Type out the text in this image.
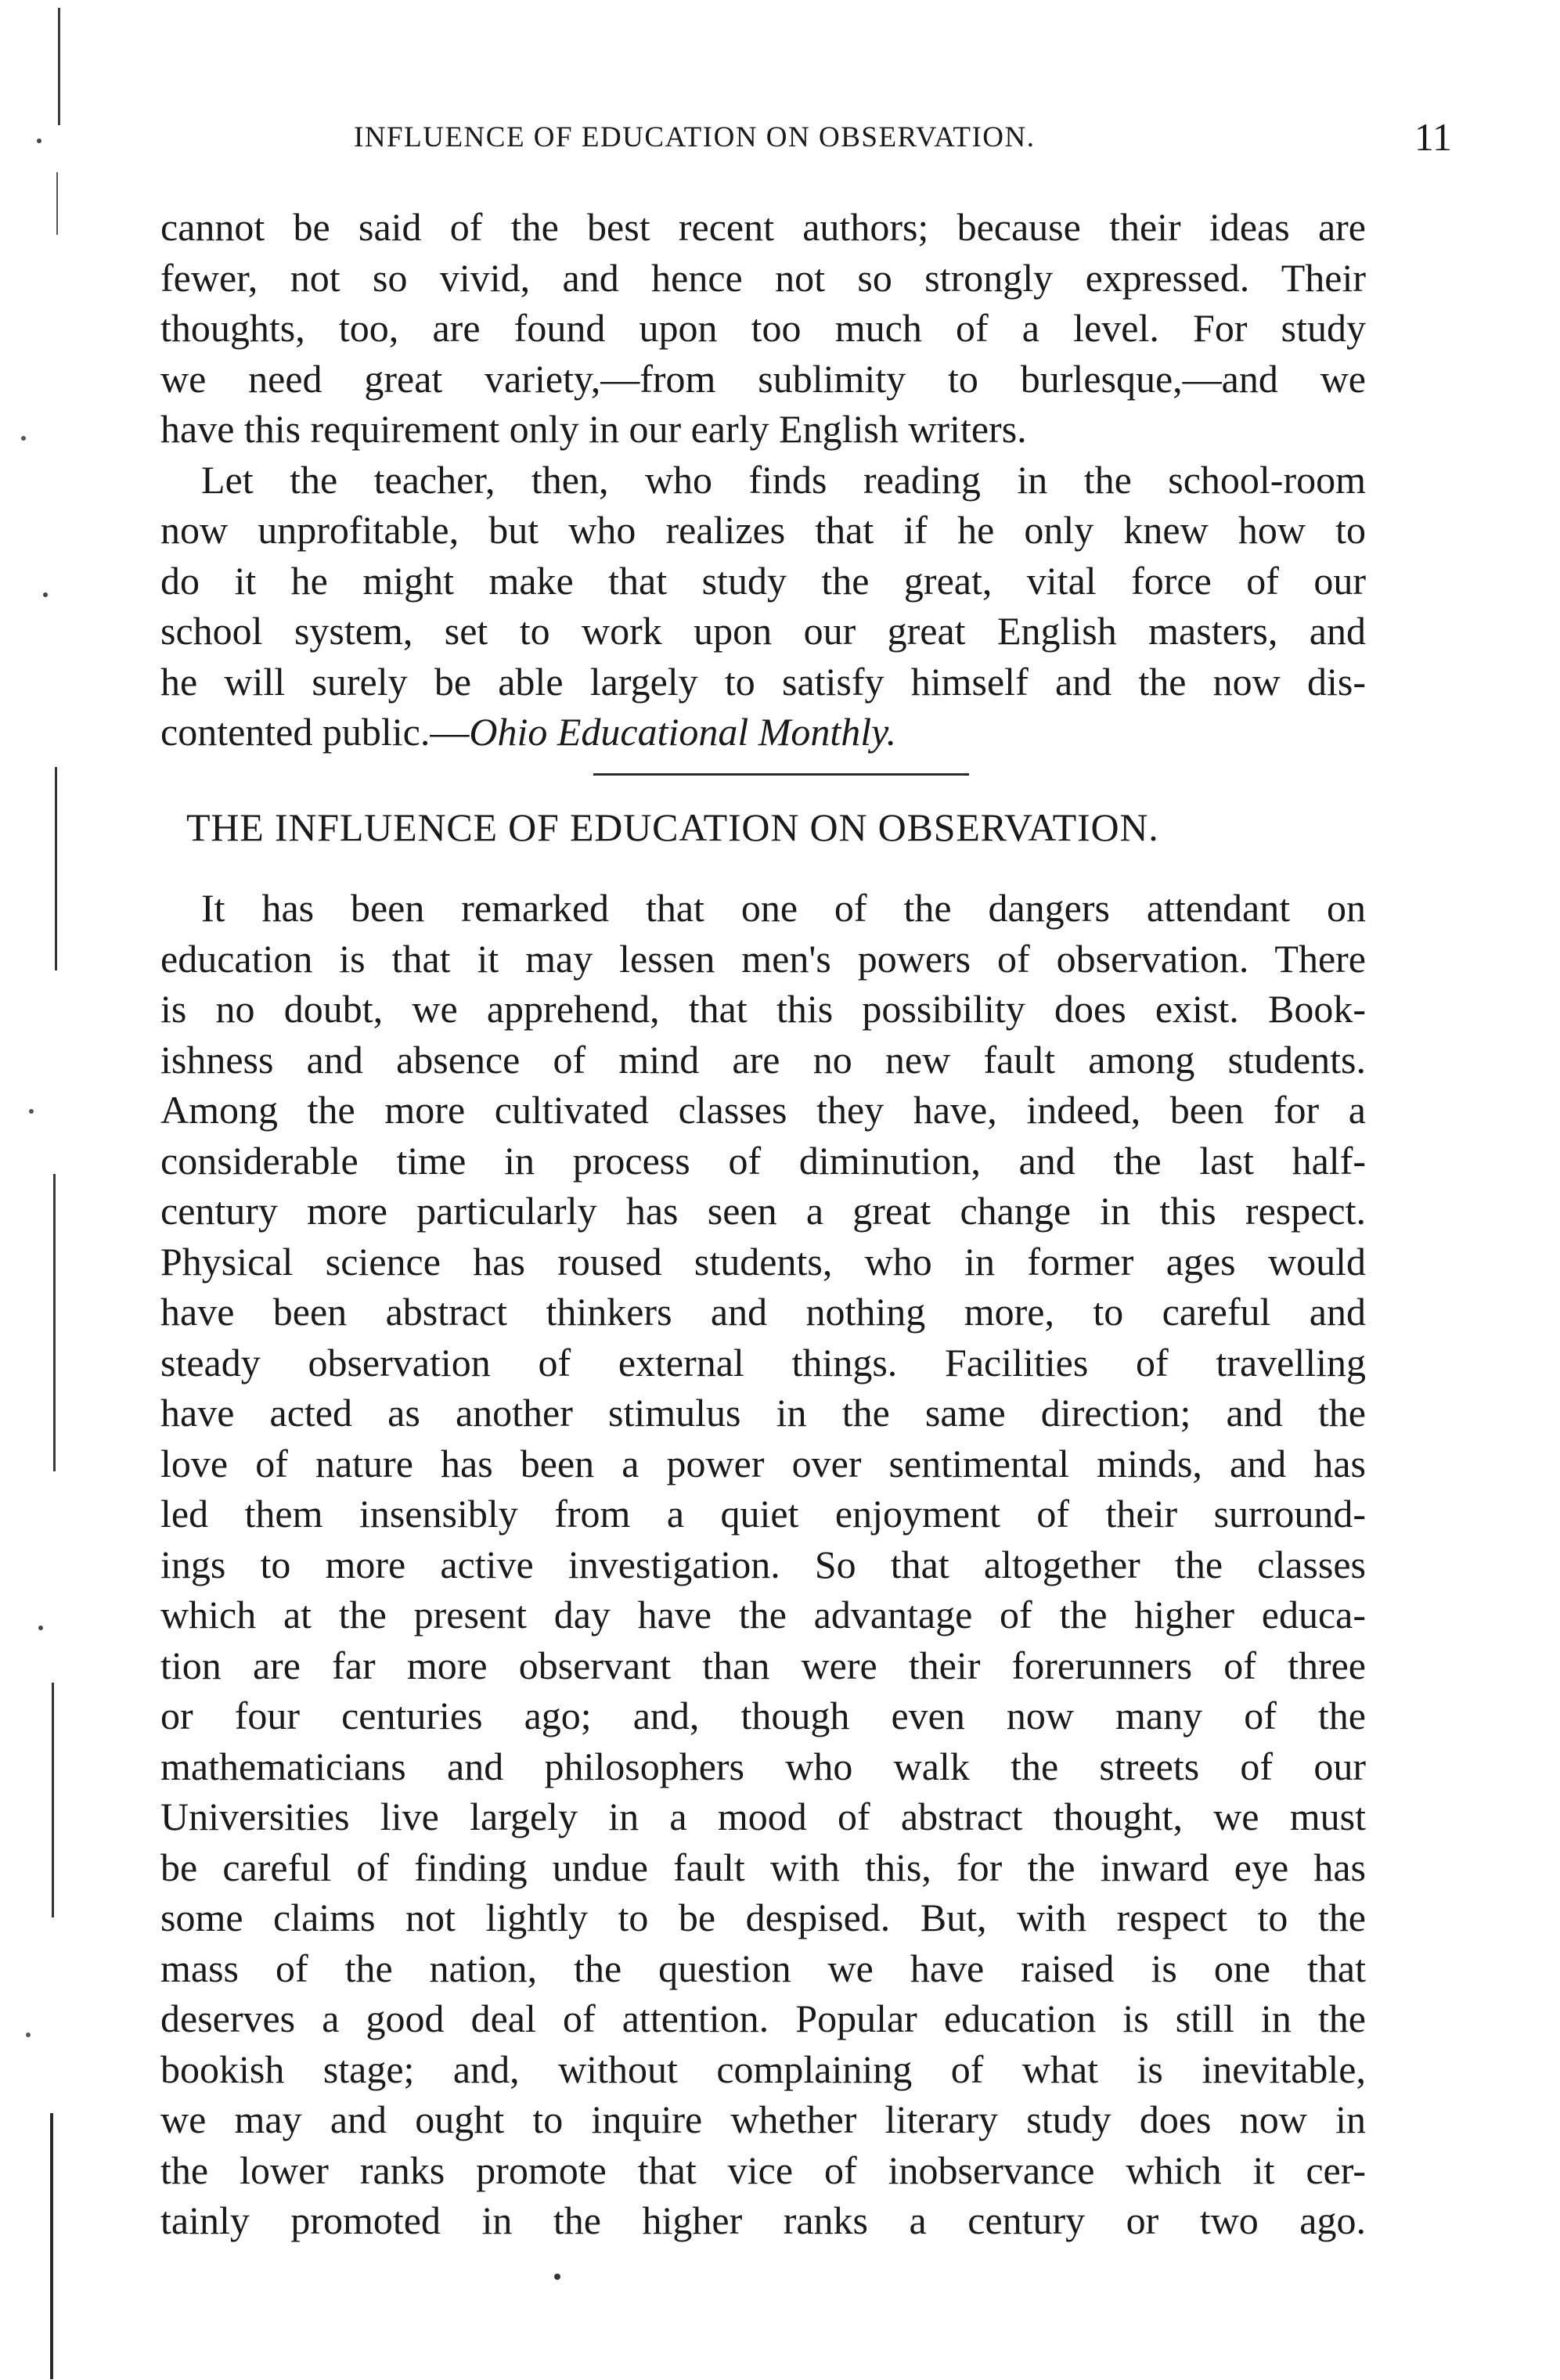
INFLUENCE OF EDUCATION ON OBSERVATION.	11
cannot be said of the best recent authors; because their ideas are
fewer, not so vivid, and hence not so strongly expressed. Their
thoughts, too, are found upon too much of a level. For study
we need great variety,—from sublimity to burlesque,—and we
have this requirement only in our early English writers.
Let the teacher, then, who finds reading in the school-room
now unprofitable, but who realizes that if he only knew how to
do it he might make that study the great, vital force of our
school system, set to work upon our great English masters, and
he will surely be able largely to satisfy himself and the now dis-
contented public.—Ohio Educational Monthly.
THE INFLUENCE OF EDUCATION ON OBSERVATION.
It has been remarked that one of the dangers attendant on
education is that it may lessen men's powers of observation. There
is no doubt, we apprehend, that this possibility does exist. Book-
ishness and absence of mind are no new fault among students.
Among the more cultivated classes they have, indeed, been for a
considerable time in process of diminution, and the last half-
century more particularly has seen a great change in this respect.
Physical science has roused students, who in former ages would
have been abstract thinkers and nothing more, to careful and
steady observation of external things. Facilities of travelling
have acted as another stimulus in the same direction; and the
love of nature has been a power over sentimental minds, and has
led them insensibly from a quiet enjoyment of their surround-
ings to more active investigation. So that altogether the classes
which at the present day have the advantage of the higher educa-
tion are far more observant than were their forerunners of three
or four centuries ago; and, though even now many of the
mathematicians and philosophers who walk the streets of our
Universities live largely in a mood of abstract thought, we must
be careful of finding undue fault with this, for the inward eye has
some claims not lightly to be despised. But, with respect to the
mass of the nation, the question we have raised is one that
deserves a good deal of attention. Popular education is still in the
bookish stage; and, without complaining of what is inevitable,
we may and ought to inquire whether literary study does now in
the lower ranks promote that vice of inobservance which it cer-
tainly promoted in the higher ranks a century or two ago.
